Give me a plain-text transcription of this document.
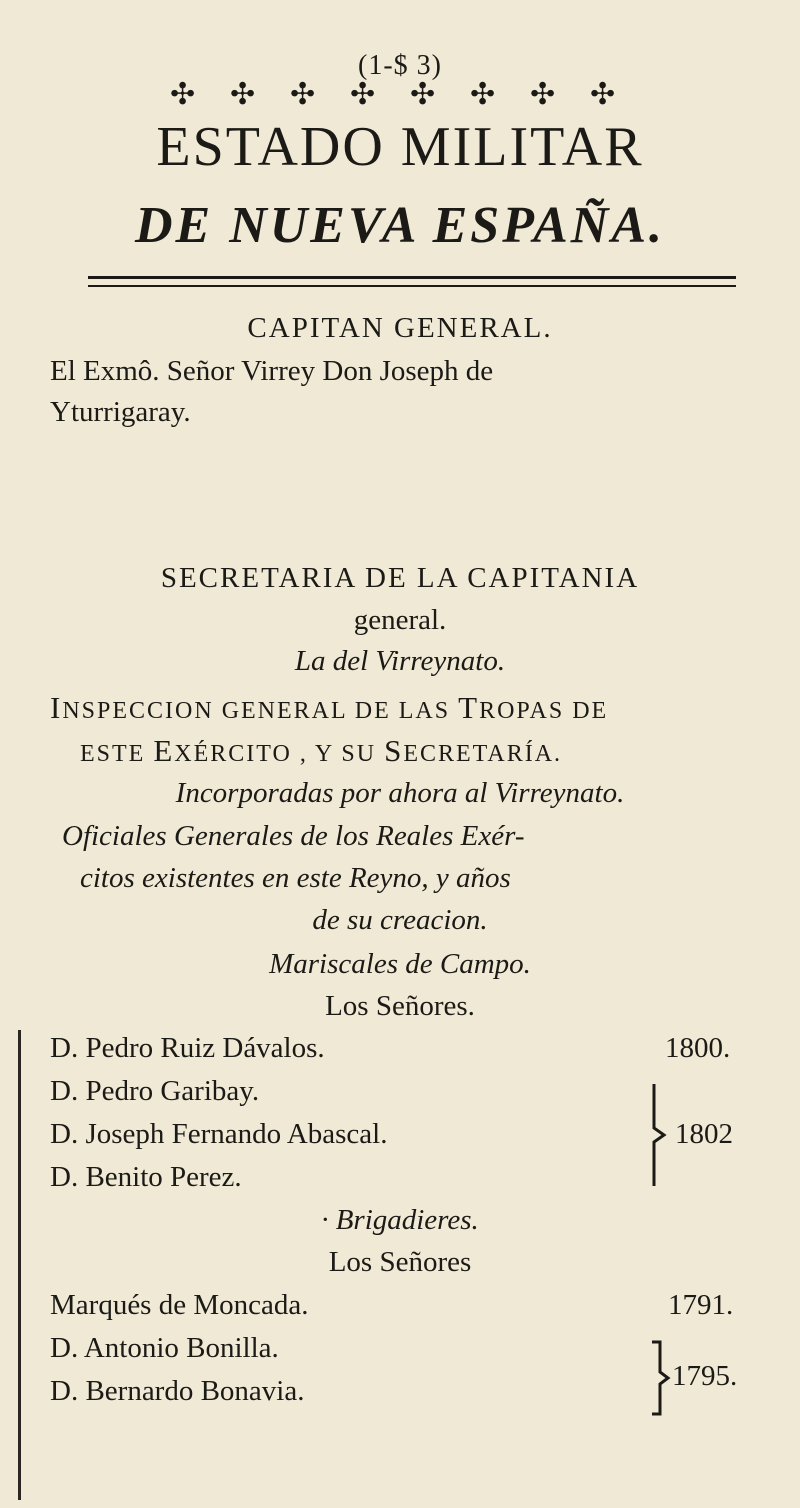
(1-$ 3)
✣
✣
✣
✣
✣
✣
✣
✣
ESTADO MILITAR
DE NUEVA ESPAÑA.
CAPITAN GENERAL.
El Exmô. Señor Virrey Don Joseph de
Yturrigaray.
SECRETARIA DE LA CAPITANIA
general.
La del Virreynato.
INSPECCION GENERAL DE LAS TROPAS DE
ESTE EXÉRCITO , Y SU SECRETARÍA.
Incorporadas por ahora al Virreynato.
Oficiales Generales de los Reales Exér-
citos existentes en este Reyno, y años
de su creacion.
Mariscales de Campo.
Los Señores.
D. Pedro Ruiz Dávalos.
D. Pedro Garibay.
D. Joseph Fernando Abascal.
D. Benito Perez.
1800.
1802
· Brigadieres.
Los Señores
Marqués de Moncada.
D. Antonio Bonilla.
D. Bernardo Bonavia.
1791.
1795.
